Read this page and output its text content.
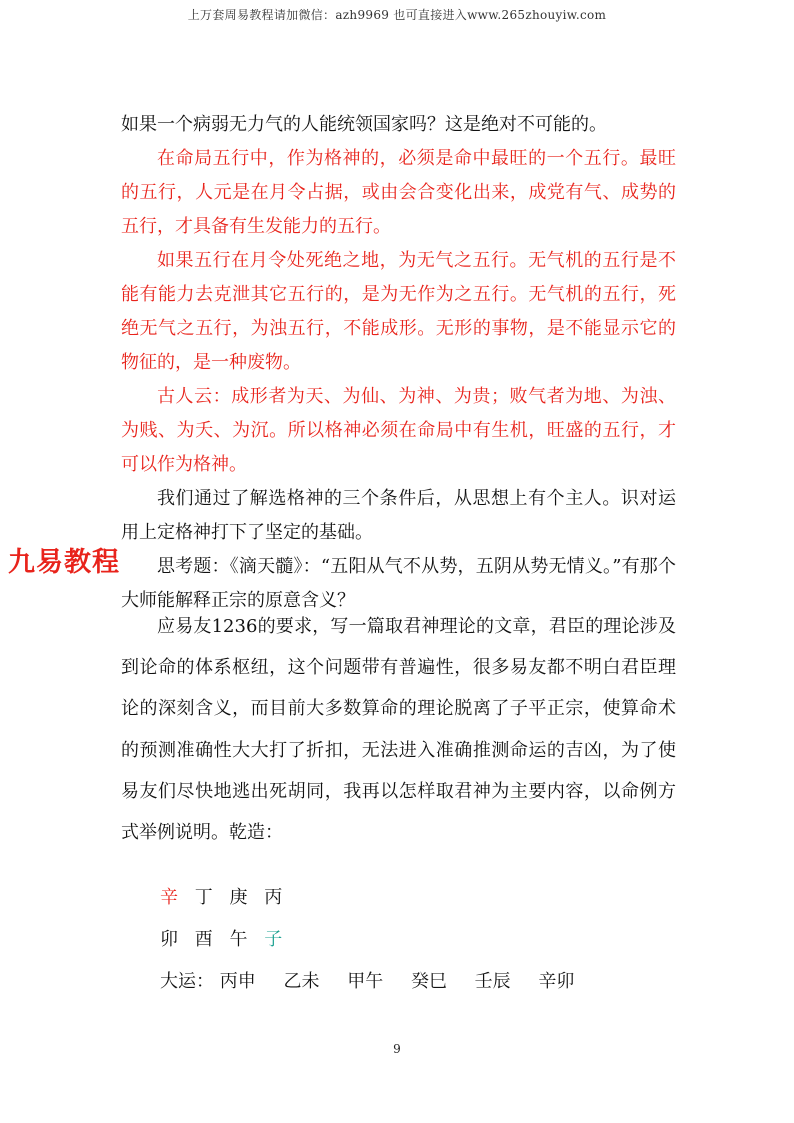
上万套周易教程请加微信：azh9969 也可直接进入www.265zhouyiw.com

如果一个病弱无力气的人能统领国家吗？这是绝对不可能的。

在命局五行中，作为格神的，必须是命中最旺的一个五行。最旺的五行，人元是在月令占据，或由会合变化出来，成党有气、成势的五行，才具备有生发能力的五行。

如果五行在月令处死绝之地，为无气之五行。无气机的五行是不能有能力去克泄其它五行的，是为无作为之五行。无气机的五行，死绝无气之五行，为浊五行，不能成形。无形的事物，是不能显示它的物征的，是一种废物。

古人云：成形者为天、为仙、为神、为贵；败气者为地、为浊、为贱、为夭、为沉。所以格神必须在命局中有生机，旺盛的五行，才可以作为格神。

我们通过了解选格神的三个条件后，从思想上有个主人。识对运用上定格神打下了坚定的基础。

思考题：《滴天髓》：“五阳从气不从势，五阴从势无情义。”有那个大师能解释正宗的原意含义？

九易教程

应易友1236的要求，写一篇取君神理论的文章，君臣的理论涉及到论命的体系枢纽，这个问题带有普遍性，很多易友都不明白君臣理论的深刻含义，而目前大多数算命的理论脱离了子平正宗，使算命术的预测准确性大大打了折扣，无法进入准确推测命运的吉凶，为了使易友们尽快地逃出死胡同，我再以怎样取君神为主要内容，以命例方式举例说明。乾造：

辛 丁 庚 丙
卯 酉 午 子
大运： 丙申 乙未 甲午 癸巳 壬辰 辛卯
9
